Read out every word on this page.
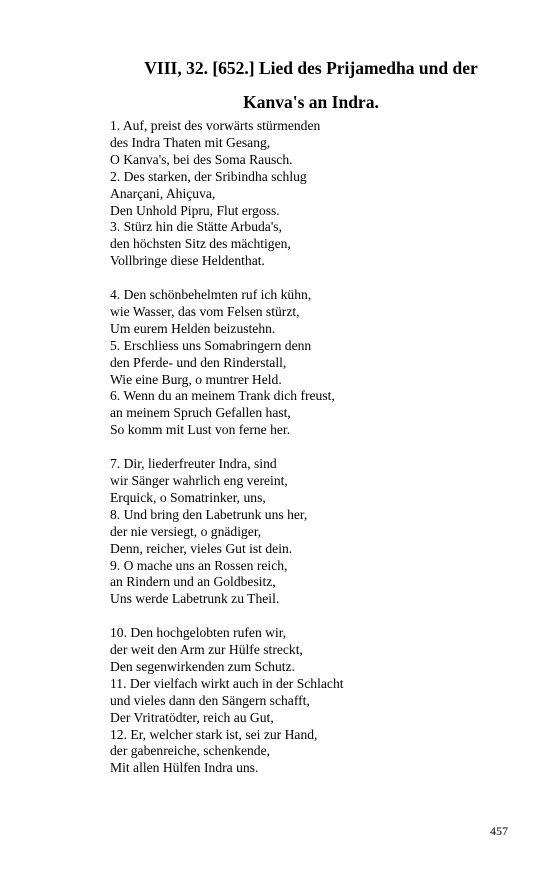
VIII, 32. [652.] Lied des Prijamedha und der
Kanva's an Indra.
1. Auf, preist des vorwärts stürmenden
des Indra Thaten mit Gesang,
O Kanva's, bei des Soma Rausch.
2. Des starken, der Sribindha schlug
Anarçani, Ahiçuva,
Den Unhold Pipru, Flut ergoss.
3. Stürz hin die Stätte Arbuda's,
den höchsten Sitz des mächtigen,
Vollbringe diese Heldenthat.
4. Den schönbehelmten ruf ich kühn,
wie Wasser, das vom Felsen stürzt,
Um eurem Helden beizustehn.
5. Erschliess uns Somabringern denn
den Pferde- und den Rinderstall,
Wie eine Burg, o muntrer Held.
6. Wenn du an meinem Trank dich freust,
an meinem Spruch Gefallen hast,
So komm mit Lust von ferne her.
7. Dir, liederfreuter Indra, sind
wir Sänger wahrlich eng vereint,
Erquick, o Somatrinker, uns,
8. Und bring den Labetrunk uns her,
der nie versiegt, o gnädiger,
Denn, reicher, vieles Gut ist dein.
9. O mache uns an Rossen reich,
an Rindern und an Goldbesitz,
Uns werde Labetrunk zu Theil.
10. Den hochgelobten rufen wir,
der weit den Arm zur Hülfe streckt,
Den segenwirkenden zum Schutz.
11. Der vielfach wirkt auch in der Schlacht
und vieles dann den Sängern schafft,
Der Vritratödter, reich au Gut,
12. Er, welcher stark ist, sei zur Hand,
der gabenreiche, schenkende,
Mit allen Hülfen Indra uns.
457
